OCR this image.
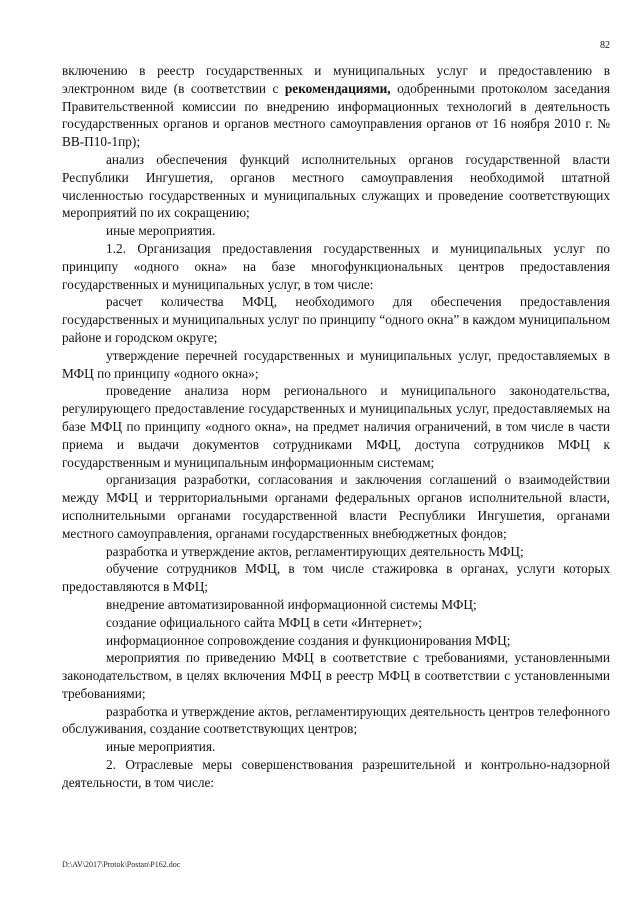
82

включению в реестр государственных и муниципальных услуг и предоставлению в электронном виде (в соответствии с рекомендациями, одобренными протоколом заседания Правительственной комиссии по внедрению информационных технологий в деятельность государственных органов и органов местного самоуправления органов от 16 ноября 2010 г. № ВВ-П10-1пр);

анализ обеспечения функций исполнительных органов государственной власти Республики Ингушетия, органов местного самоуправления необходимой штатной численностью государственных и муниципальных служащих и проведение соответствующих мероприятий по их сокращению;

иные мероприятия.

1.2. Организация предоставления государственных и муниципальных услуг по принципу «одного окна» на базе многофункциональных центров предоставления государственных и муниципальных услуг, в том числе:

расчет количества МФЦ, необходимого для обеспечения предоставления государственных и муниципальных услуг по принципу “одного окна” в каждом муниципальном районе и городском округе;

утверждение перечней государственных и муниципальных услуг, предоставляемых в МФЦ по принципу «одного окна»;

проведение анализа норм регионального и муниципального законодательства, регулирующего предоставление государственных и муниципальных услуг, предоставляемых на базе МФЦ по принципу «одного окна», на предмет наличия ограничений, в том числе в части приема и выдачи документов сотрудниками МФЦ, доступа сотрудников МФЦ к государственным и муниципальным информационным системам;

организация разработки, согласования и заключения соглашений о взаимодействии между МФЦ и территориальными органами федеральных органов исполнительной власти, исполнительными органами государственной власти Республики Ингушетия, органами местного самоуправления, органами государственных внебюджетных фондов;

разработка и утверждение актов, регламентирующих деятельность МФЦ;

обучение сотрудников МФЦ, в том числе стажировка в органах, услуги которых предоставляются в МФЦ;

внедрение автоматизированной информационной системы МФЦ;

создание официального сайта МФЦ в сети «Интернет»;

информационное сопровождение создания и функционирования МФЦ;

мероприятия по приведению МФЦ в соответствие с требованиями, установленными законодательством, в целях включения МФЦ в реестр МФЦ в соответствии с установленными требованиями;

разработка и утверждение актов, регламентирующих деятельность центров телефонного обслуживания, создание соответствующих центров;

иные мероприятия.

2. Отраслевые меры совершенствования разрешительной и контрольно-надзорной деятельности, в том числе:

D:\AV\2017\Protok\Postan\P162.doc
